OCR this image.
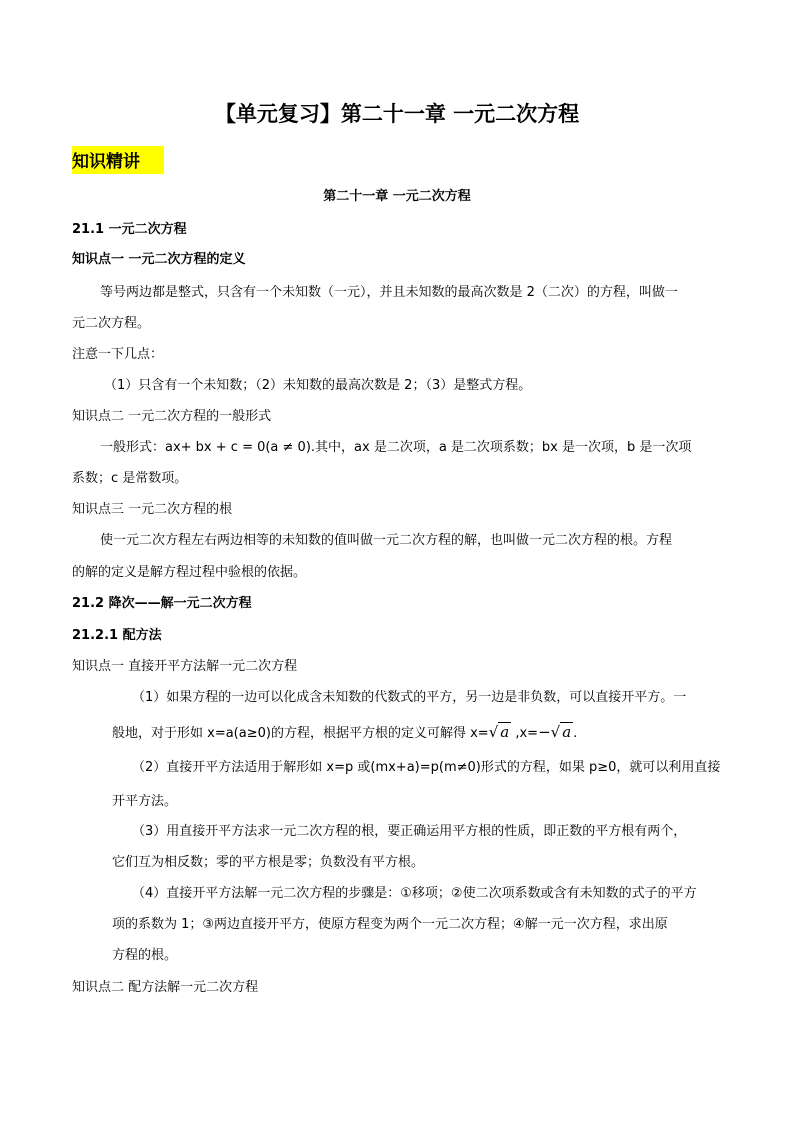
【单元复习】第二十一章 一元二次方程
知识精讲
第二十一章 一元二次方程
21.1 一元二次方程
知识点一 一元二次方程的定义
等号两边都是整式，只含有一个未知数（一元），并且未知数的最高次数是 2（二次）的方程，叫做一
元二次方程。
注意一下几点：
（1）只含有一个未知数；（2）未知数的最高次数是 2；（3）是整式方程。
知识点二 一元二次方程的一般形式
一般形式：ax+ bx + c = 0(a ≠ 0).其中，ax 是二次项，a 是二次项系数；bx 是一次项，b 是一次项
系数；c 是常数项。
知识点三 一元二次方程的根
使一元二次方程左右两边相等的未知数的值叫做一元二次方程的解，也叫做一元二次方程的根。方程
的解的定义是解方程过程中验根的依据。
21.2 降次——解一元二次方程
21.2.1 配方法
知识点一 直接开平方法解一元二次方程
（1）如果方程的一边可以化成含未知数的代数式的平方，另一边是非负数，可以直接开平方。一
般地，对于形如 x=a(a≥0)的方程，根据平方根的定义可解得 x=√ a ,x=−√ a .
（2）直接开平方法适用于解形如 x=p 或(mx+a)=p(m≠0)形式的方程，如果 p≥0，就可以利用直接
开平方法。
（3）用直接开平方法求一元二次方程的根，要正确运用平方根的性质，即正数的平方根有两个，
它们互为相反数；零的平方根是零；负数没有平方根。
（4）直接开平方法解一元二次方程的步骤是：①移项；②使二次项系数或含有未知数的式子的平方
项的系数为 1；③两边直接开平方，使原方程变为两个一元二次方程；④解一元一次方程，求出原
方程的根。
知识点二 配方法解一元二次方程
